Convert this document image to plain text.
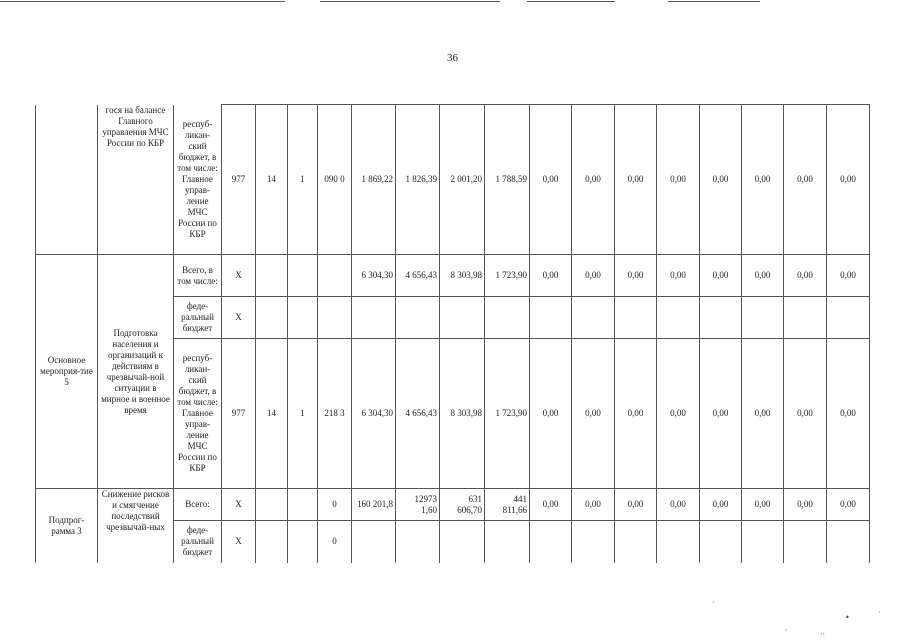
36
	гося на балансе Главного управления МЧС России по КБР	респуб-ликан-ский бюджет, в том числе: Главное управ-ление МЧС России по КБР	977	14	1	090 0	1 869,22	1 826,39	2 001,20	1 788,59	0,00	0,00	0,00	0,00	0,00	0,00	0,00	0,00
Основное мероприя-тие 5	Подготовка населения и организаций к действиям в чрезвычай-ной ситуации в мирное и военное время	Всего, в том числе:	X				6 304,30	4 656,43	8 303,98	1 723,90	0,00	0,00	0,00	0,00	0,00	0,00	0,00	0,00
		феде-ральный бюджет	X															
		респуб-ликан-ский бюджет, в том числе: Главное управ-ление МЧС России по КБР	977	14	1	218 3	6 304,30	4 656,43	8 303,98	1 723,90	0,00	0,00	0,00	0,00	0,00	0,00	0,00	0,00
Подпрог-рамма 3	Снижение рисков и смягчение последствий чрезвычай-ных	Всего:	X			0	160 201,8	12973 1,60	631 606,70	441 811,66	0,00	0,00	0,00	0,00	0,00	0,00	0,00	0,00
		феде-ральный бюджет	X			0												
·
•
·
·	··
